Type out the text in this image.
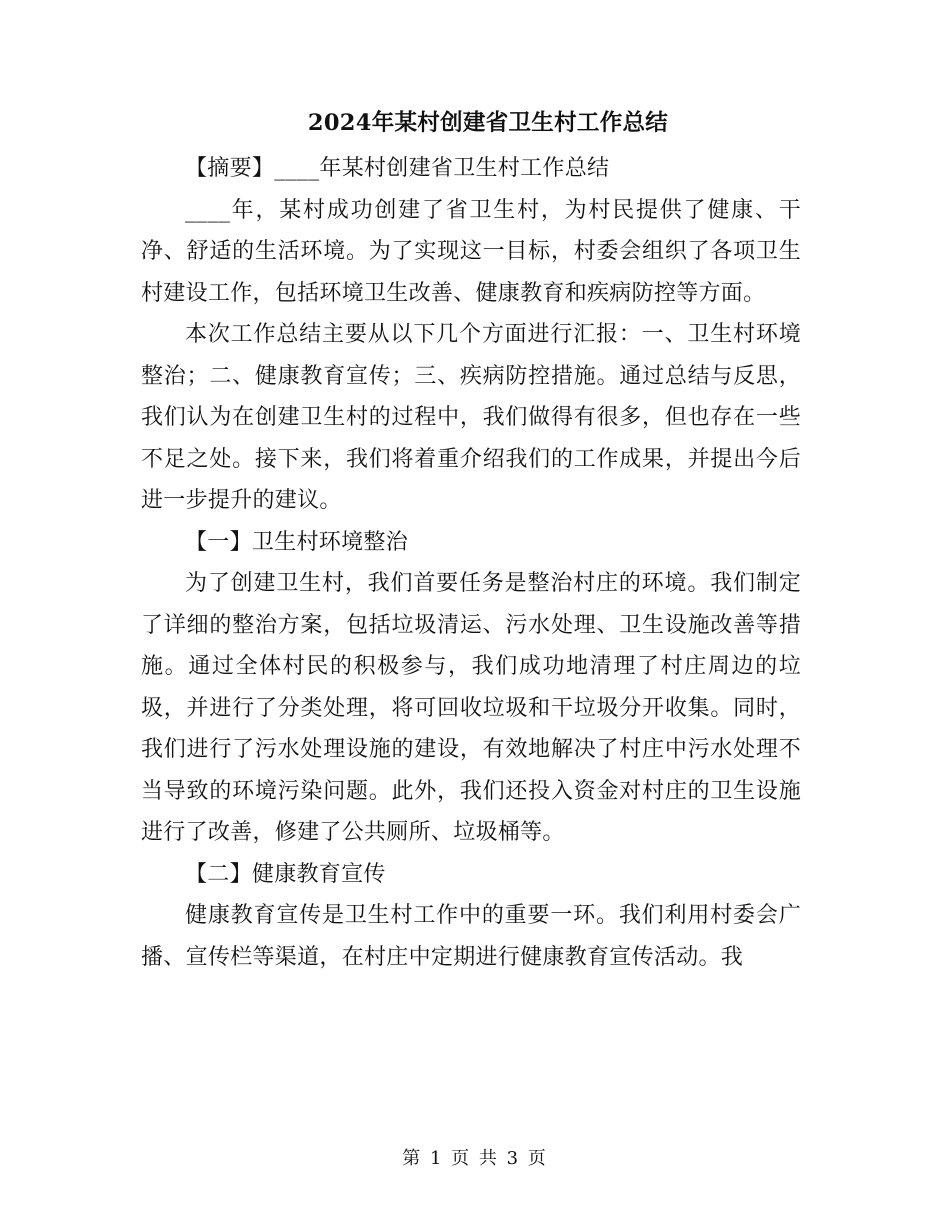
2024年某村创建省卫生村工作总结

【摘要】____年某村创建省卫生村工作总结

____年，某村成功创建了省卫生村，为村民提供了健康、干净、舒适的生活环境。为了实现这一目标，村委会组织了各项卫生村建设工作，包括环境卫生改善、健康教育和疾病防控等方面。

本次工作总结主要从以下几个方面进行汇报：一、卫生村环境整治；二、健康教育宣传；三、疾病防控措施。通过总结与反思，我们认为在创建卫生村的过程中，我们做得有很多，但也存在一些不足之处。接下来，我们将着重介绍我们的工作成果，并提出今后进一步提升的建议。

【一】卫生村环境整治

为了创建卫生村，我们首要任务是整治村庄的环境。我们制定了详细的整治方案，包括垃圾清运、污水处理、卫生设施改善等措施。通过全体村民的积极参与，我们成功地清理了村庄周边的垃圾，并进行了分类处理，将可回收垃圾和干垃圾分开收集。同时，我们进行了污水处理设施的建设，有效地解决了村庄中污水处理不当导致的环境污染问题。此外，我们还投入资金对村庄的卫生设施进行了改善，修建了公共厕所、垃圾桶等。

【二】健康教育宣传

健康教育宣传是卫生村工作中的重要一环。我们利用村委会广播、宣传栏等渠道，在村庄中定期进行健康教育宣传活动。我

第 1 页 共 3 页
